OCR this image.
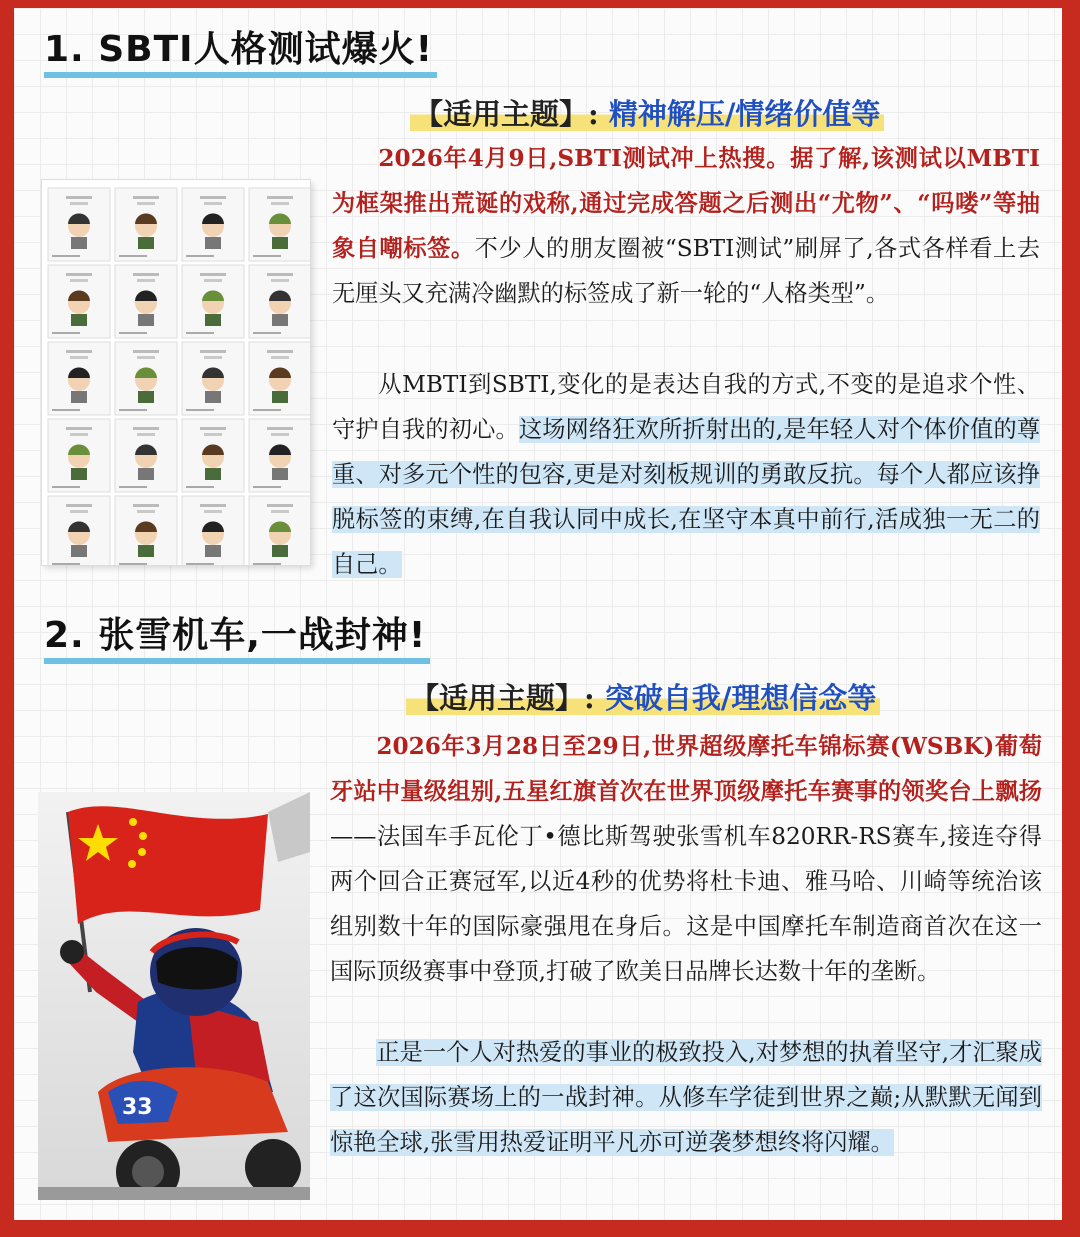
1. SBTI人格测试爆火!

【适用主题】: 精神解压/情绪价值等

2026年4月9日,SBTI测试冲上热搜。据了解,该测试以MBTI为框架推出荒诞的戏称,通过完成答题之后测出“尤物”、“吗喽”等抽象自嘲标签。不少人的朋友圈被“SBTI测试”刷屏了,各式各样看上去无厘头又充满冷幽默的标签成了新一轮的“人格类型”。

从MBTI到SBTI,变化的是表达自我的方式,不变的是追求个性、守护自我的初心。这场网络狂欢所折射出的,是年轻人对个体价值的尊重、对多元个性的包容,更是对刻板规训的勇敢反抗。每个人都应该挣脱标签的束缚,在自我认同中成长,在坚守本真中前行,活成独一无二的自己。

2. 张雪机车,一战封神!

【适用主题】: 突破自我/理想信念等

2026年3月28日至29日,世界超级摩托车锦标赛(WSBK)葡萄牙站中量级组别,五星红旗首次在世界顶级摩托车赛事的领奖台上飘扬——法国车手瓦伦丁•德比斯驾驶张雪机车820RR-RS赛车,接连夺得两个回合正赛冠军,以近4秒的优势将杜卡迪、雅马哈、川崎等统治该组别数十年的国际豪强甩在身后。这是中国摩托车制造商首次在这一国际顶级赛事中登顶,打破了欧美日品牌长达数十年的垄断。

正是一个人对热爱的事业的极致投入,对梦想的执着坚守,才汇聚成了这次国际赛场上的一战封神。从修车学徒到世界之巅;从默默无闻到惊艳全球,张雪用热爱证明平凡亦可逆袭梦想终将闪耀。

33
